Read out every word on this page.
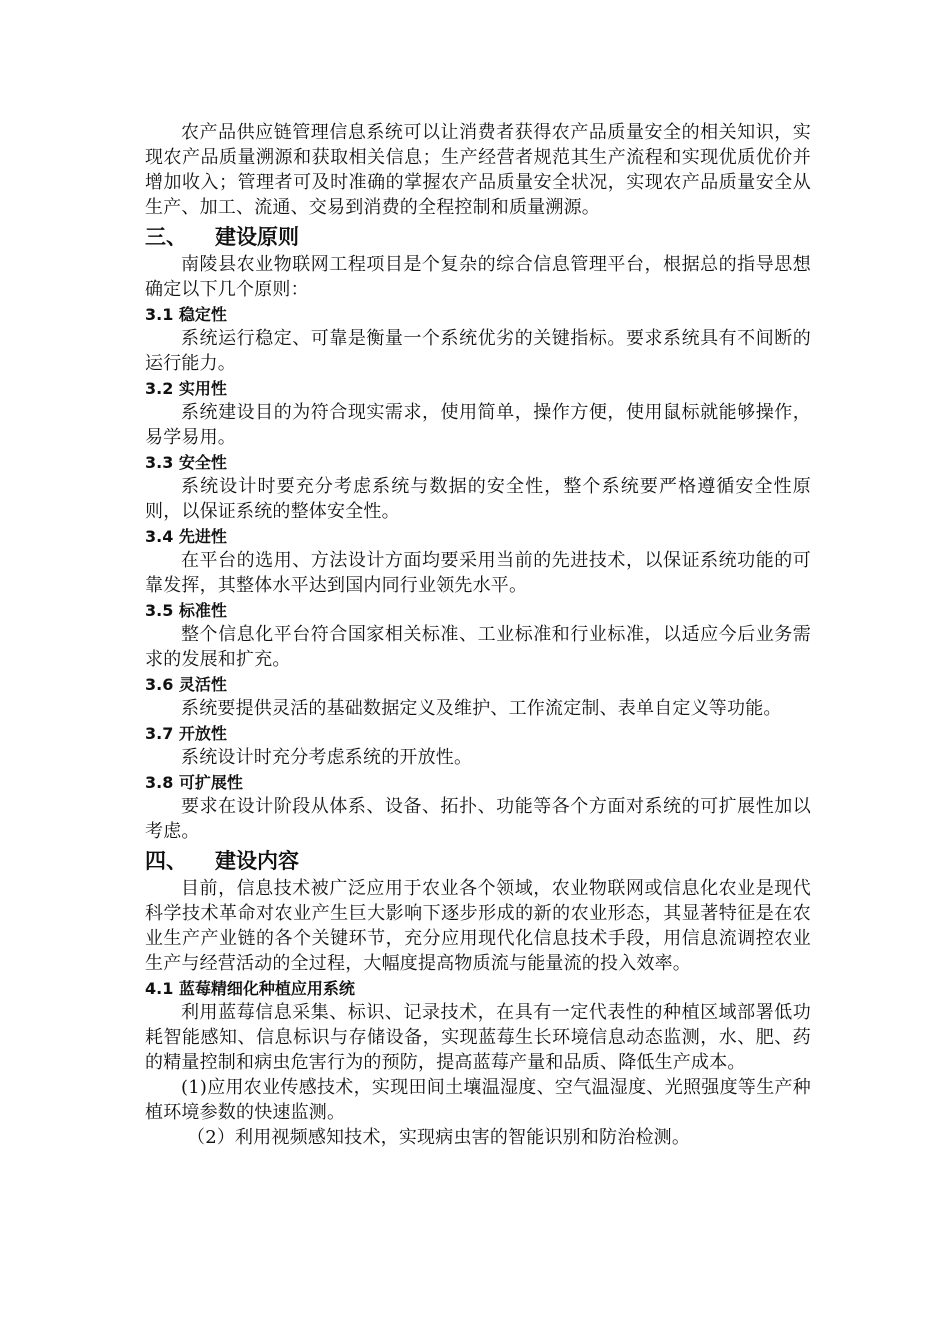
农产品供应链管理信息系统可以让消费者获得农产品质量安全的相关知识，实现农产品质量溯源和获取相关信息；生产经营者规范其生产流程和实现优质优价并增加收入；管理者可及时准确的掌握农产品质量安全状况，实现农产品质量安全从生产、加工、流通、交易到消费的全程控制和质量溯源。

三、 建设原则

南陵县农业物联网工程项目是个复杂的综合信息管理平台，根据总的指导思想确定以下几个原则：

3.1 稳定性

系统运行稳定、可靠是衡量一个系统优劣的关键指标。要求系统具有不间断的运行能力。

3.2 实用性

系统建设目的为符合现实需求，使用简单，操作方便，使用鼠标就能够操作，易学易用。

3.3 安全性

系统设计时要充分考虑系统与数据的安全性，整个系统要严格遵循安全性原则，以保证系统的整体安全性。

3.4 先进性

在平台的选用、方法设计方面均要采用当前的先进技术，以保证系统功能的可靠发挥，其整体水平达到国内同行业领先水平。

3.5 标准性

整个信息化平台符合国家相关标准、工业标准和行业标准，以适应今后业务需求的发展和扩充。

3.6 灵活性

系统要提供灵活的基础数据定义及维护、工作流定制、表单自定义等功能。

3.7 开放性

系统设计时充分考虑系统的开放性。

3.8 可扩展性

要求在设计阶段从体系、设备、拓扑、功能等各个方面对系统的可扩展性加以考虑。

四、 建设内容

目前，信息技术被广泛应用于农业各个领域，农业物联网或信息化农业是现代科学技术革命对农业产生巨大影响下逐步形成的新的农业形态，其显著特征是在农业生产产业链的各个关键环节，充分应用现代化信息技术手段，用信息流调控农业生产与经营活动的全过程，大幅度提高物质流与能量流的投入效率。

4.1 蓝莓精细化种植应用系统

利用蓝莓信息采集、标识、记录技术，在具有一定代表性的种植区域部署低功耗智能感知、信息标识与存储设备，实现蓝莓生长环境信息动态监测，水、肥、药的精量控制和病虫危害行为的预防，提高蓝莓产量和品质、降低生产成本。

(1)应用农业传感技术，实现田间土壤温湿度、空气温湿度、光照强度等生产种植环境参数的快速监测。

（2）利用视频感知技术，实现病虫害的智能识别和防治检测。
